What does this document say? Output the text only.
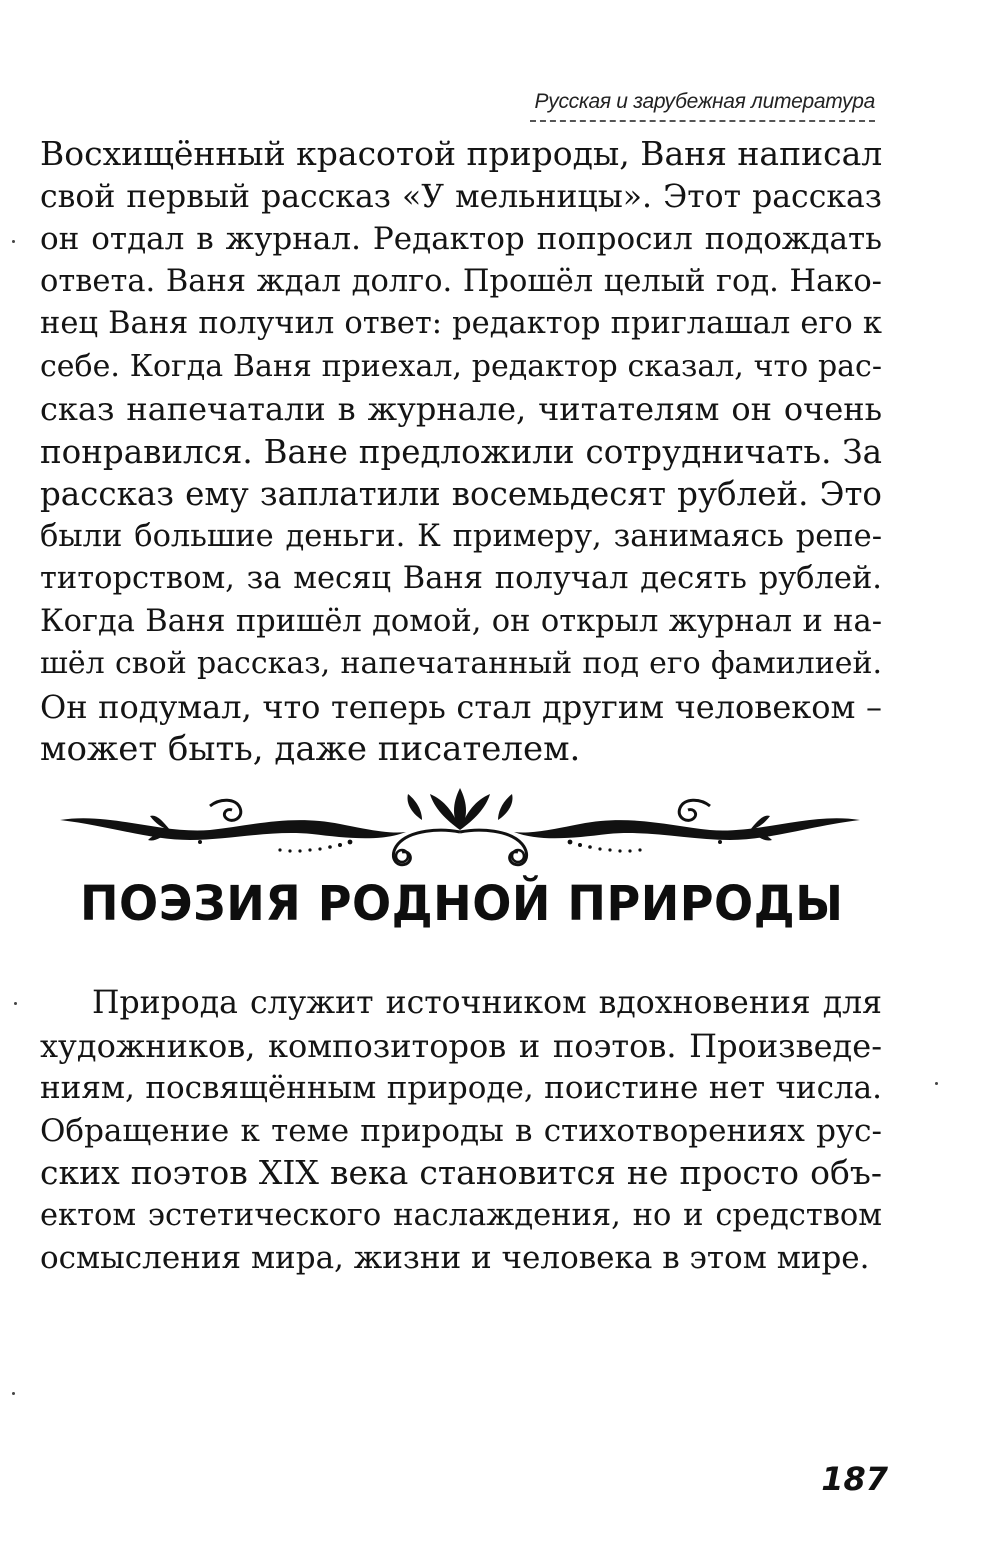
Русская и зарубежная литература
Восхищённый красотой природы, Ваня написал
свой первый рассказ «У мельницы». Этот рассказ
он отдал в журнал. Редактор попросил подождать
ответа. Ваня ждал долго. Прошёл целый год. Нако-
нец Ваня получил ответ: редактор приглашал его к
себе. Когда Ваня приехал, редактор сказал, что рас-
сказ напечатали в журнале, читателям он очень
понравился. Ване предложили сотрудничать. За
рассказ ему заплатили восемьдесят рублей. Это
были большие деньги. К примеру, занимаясь репе-
титорством, за месяц Ваня получал десять рублей.
Когда Ваня пришёл домой, он открыл журнал и на-
шёл свой рассказ, напечатанный под его фамилией.
Он подумал, что теперь стал другим человеком –
может быть, даже писателем.
ПОЭЗИЯ РОДНОЙ ПРИРОДЫ
Природа служит источником вдохновения для
художников, композиторов и поэтов. Произведе-
ниям, посвящённым природе, поистине нет числа.
Обращение к теме природы в стихотворениях рус-
ских поэтов XIX века становится не просто объ-
ектом эстетического наслаждения, но и средством
осмысления мира, жизни и человека в этом мире.
187
